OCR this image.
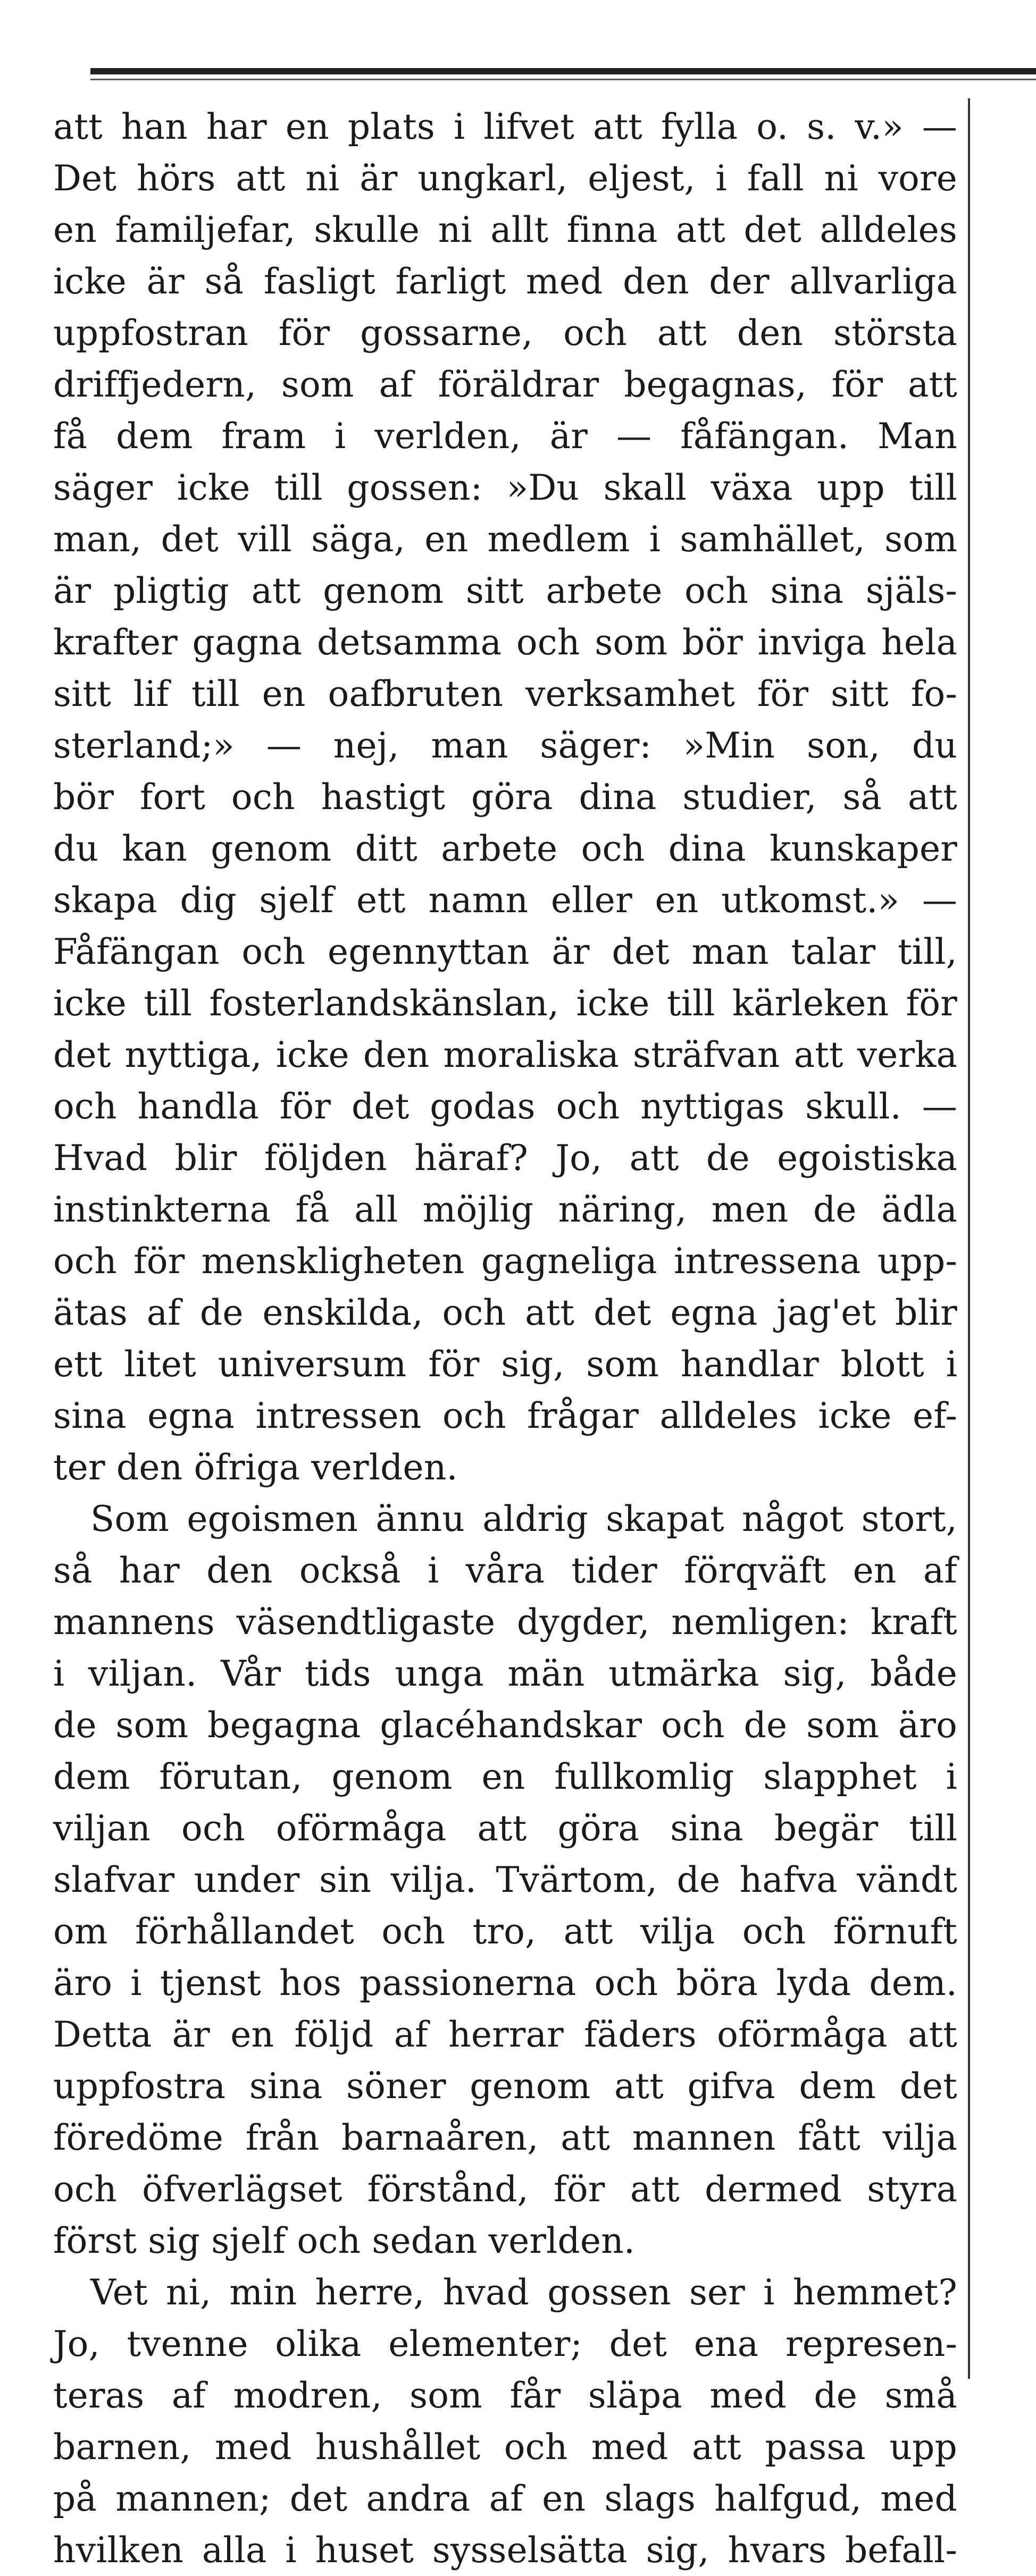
att han har en plats i lifvet att fylla o. s. v.» —
Det hörs att ni är ungkarl, eljest, i fall ni vore
en familjefar, skulle ni allt finna att det alldeles
icke är så fasligt farligt med den der allvarliga
uppfostran för gossarne, och att den största
driffjedern, som af föräldrar begagnas, för att
få dem fram i verlden, är — fåfängan. Man
säger icke till gossen: »Du skall växa upp till
man, det vill säga, en medlem i samhället, som
är pligtig att genom sitt arbete och sina själs-
krafter gagna detsamma och som bör inviga hela
sitt lif till en oafbruten verksamhet för sitt fo-
sterland;» — nej, man säger: »Min son, du
bör fort och hastigt göra dina studier, så att
du kan genom ditt arbete och dina kunskaper
skapa dig sjelf ett namn eller en utkomst.» —
Fåfängan och egennyttan är det man talar till,
icke till fosterlandskänslan, icke till kärleken för
det nyttiga, icke den moraliska sträfvan att verka
och handla för det godas och nyttigas skull. —
Hvad blir följden häraf? Jo, att de egoistiska
instinkterna få all möjlig näring, men de ädla
och för menskligheten gagneliga intressena upp-
ätas af de enskilda, och att det egna jag'et blir
ett litet universum för sig, som handlar blott i
sina egna intressen och frågar alldeles icke ef-
ter den öfriga verlden.
Som egoismen ännu aldrig skapat något stort,
så har den också i våra tider förqväft en af
mannens väsendtligaste dygder, nemligen: kraft
i viljan. Vår tids unga män utmärka sig, både
de som begagna glacéhandskar och de som äro
dem förutan, genom en fullkomlig slapphet i
viljan och oförmåga att göra sina begär till
slafvar under sin vilja. Tvärtom, de hafva vändt
om förhållandet och tro, att vilja och förnuft
äro i tjenst hos passionerna och böra lyda dem.
Detta är en följd af herrar fäders oförmåga att
uppfostra sina söner genom att gifva dem det
föredöme från barnaåren, att mannen fått vilja
och öfverlägset förstånd, för att dermed styra
först sig sjelf och sedan verlden.
Vet ni, min herre, hvad gossen ser i hemmet?
Jo, tvenne olika elementer; det ena represen-
teras af modren, som får släpa med de små
barnen, med hushållet och med att passa upp
på mannen; det andra af en slags halfgud, med
hvilken alla i huset sysselsätta sig, hvars befall-
